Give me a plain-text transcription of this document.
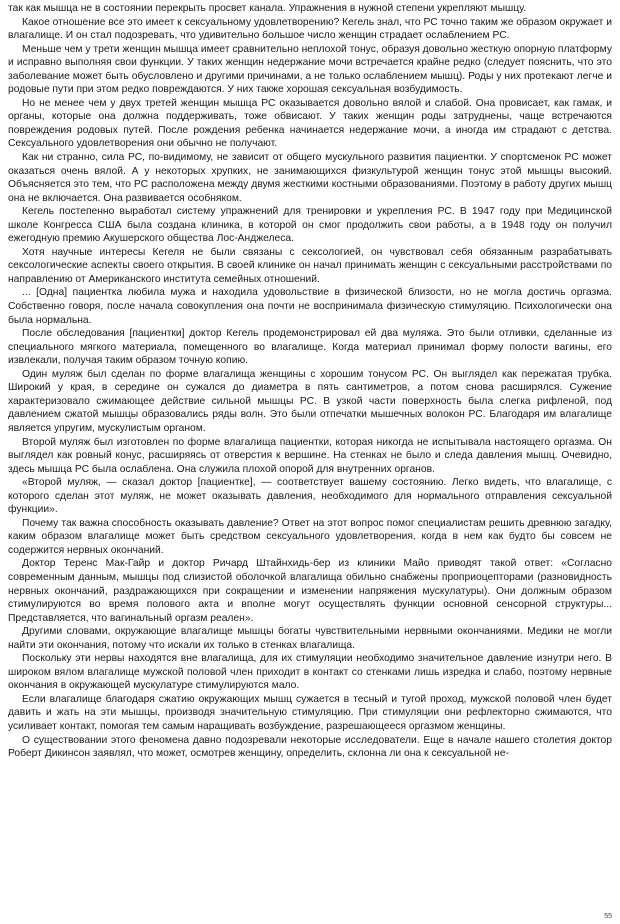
так как мышца не в состоянии перекрыть просвет канала. Упражнения в нужной степени укрепляют мышцу.

Какое отношение все это имеет к сексуальному удовлетворению? Кегель знал, что РС точно таким же образом окружает и влагалище. И он стал подозревать, что удивительно большое число женщин страдает ослаблением РС.

Меньше чем у трети женщин мышца имеет сравнительно неплохой тонус, образуя довольно жесткую опорную платформу и исправно выполняя свои функции. У таких женщин недержание мочи встречается крайне редко (следует пояснить, что это заболевание может быть обусловлено и другими причинами, а не только ослаблением мышц). Роды у них протекают легче и родовые пути при этом редко повреждаются. У них также хорошая сексуальная возбудимость.

Но не менее чем у двух третей женщин мышца РС оказывается довольно вялой и слабой. Она провисает, как гамак, и органы, которые она должна поддерживать, тоже обвисают. У таких женщин роды затруднены, чаще встречаются повреждения родовых путей. После рождения ребенка начинается недержание мочи, а иногда им страдают с детства. Сексуального удовлетворения они обычно не получают.

Как ни странно, сила РС, по-видимому, не зависит от общего мускульного развития пациентки. У спортсменок РС может оказаться очень вялой. А у некоторых хрупких, не занимающихся физкультурой женщин тонус этой мышцы высокий. Объясняется это тем, что РС расположена между двумя жесткими костными образованиями. Поэтому в работу других мышц она не включается. Она развивается особняком.

Кегель постепенно выработал систему упражнений для тренировки и укрепления РС. В 1947 году при Медицинской школе Конгресса США была создана клиника, в которой он смог продолжить свои работы, а в 1948 году он получил ежегодную премию Акушерского общества Лос-Анджелеса.

Хотя научные интересы Кегеля не были связаны с сексологией, он чувствовал себя обязанным разрабатывать сексологические аспекты своего открытия. В своей клинике он начал принимать женщин с сексуальными расстройствами по направлению от Американского института семейных отношений.

... [Одна] пациентка любила мужа и находила удовольствие в физической близости, но не могла достичь оргазма. Собственно говоря, после начала совокупления она почти не воспринимала физическую стимуляцию. Психологически она была нормальна.

После обследования [пациентки] доктор Кегель продемонстрировал ей два муляжа. Это были отливки, сделанные из специального мягкого материала, помещенного во влагалище. Когда материал принимал форму полости вагины, его извлекали, получая таким образом точную копию.

Один муляж был сделан по форме влагалища женщины с хорошим тонусом РС. Он выглядел как пережатая трубка. Широкий у края, в середине он сужался до диаметра в пять сантиметров, а потом снова расширялся. Сужение характеризовало сжимающее действие сильной мышцы РС. В узкой части поверхность была слегка рифленой, под давлением сжатой мышцы образовались ряды волн. Это были отпечатки мышечных волокон РС. Благодаря им влагалище является упругим, мускулистым органом.

Второй муляж был изготовлен по форме влагалища пациентки, которая никогда не испытывала настоящего оргазма. Он выглядел как ровный конус, расширяясь от отверстия к вершине. На стенках не было и следа давления мышц. Очевидно, здесь мышца РС была ослаблена. Она служила плохой опорой для внутренних органов.

«Второй муляж, — сказал доктор [пациентке], — соответствует вашему состоянию. Легко видеть, что влагалище, с которого сделан этот муляж, не может оказывать давления, необходимого для нормального отправления сексуальной функции».

Почему так важна способность оказывать давление? Ответ на этот вопрос помог специалистам решить древнюю загадку, каким образом влагалище может быть средством сексуального удовлетворения, когда в нем как будто бы совсем не содержится нервных окончаний.

Доктор Теренс Мак-Гайр и доктор Ричард Штайнхидь-бер из клиники Майо приводят такой ответ: «Согласно современным данным, мышцы под слизистой оболочкой влагалища обильно снабжены проприоцепторами (разновидность нервных окончаний, раздражающихся при сокращении и изменении напряжения мускулатуры). Они должным образом стимулируются во время полового акта и вполне могут осуществлять функции основной сенсорной структуры... Представляется, что вагинальный оргазм реален».

Другими словами, окружающие влагалище мышцы богаты чувствительными нервными окончаниями. Медики не могли найти эти окончания, потому что искали их только в стенках влагалища.

Поскольку эти нервы находятся вне влагалища, для их стимуляции необходимо значительное давление изнутри него. В широком вялом влагалище мужской половой член приходит в контакт со стенками лишь изредка и слабо, поэтому нервные окончания в окружающей мускулатуре стимулируются мало.

Если влагалище благодаря сжатию окружающих мышц сужается в тесный и тугой проход, мужской половой член будет давить и жать на эти мышцы, производя значительную стимуляцию. При стимуляции они рефлекторно сжимаются, что усиливает контакт, помогая тем самым наращивать возбуждение, разрешающееся оргазмом женщины.

О существовании этого феномена давно подозревали некоторые исследователи. Еще в начале нашего столетия доктор Роберт Дикинсон заявлял, что может, осмотрев женщину, определить, склонна ли она к сексуальной не-

55
